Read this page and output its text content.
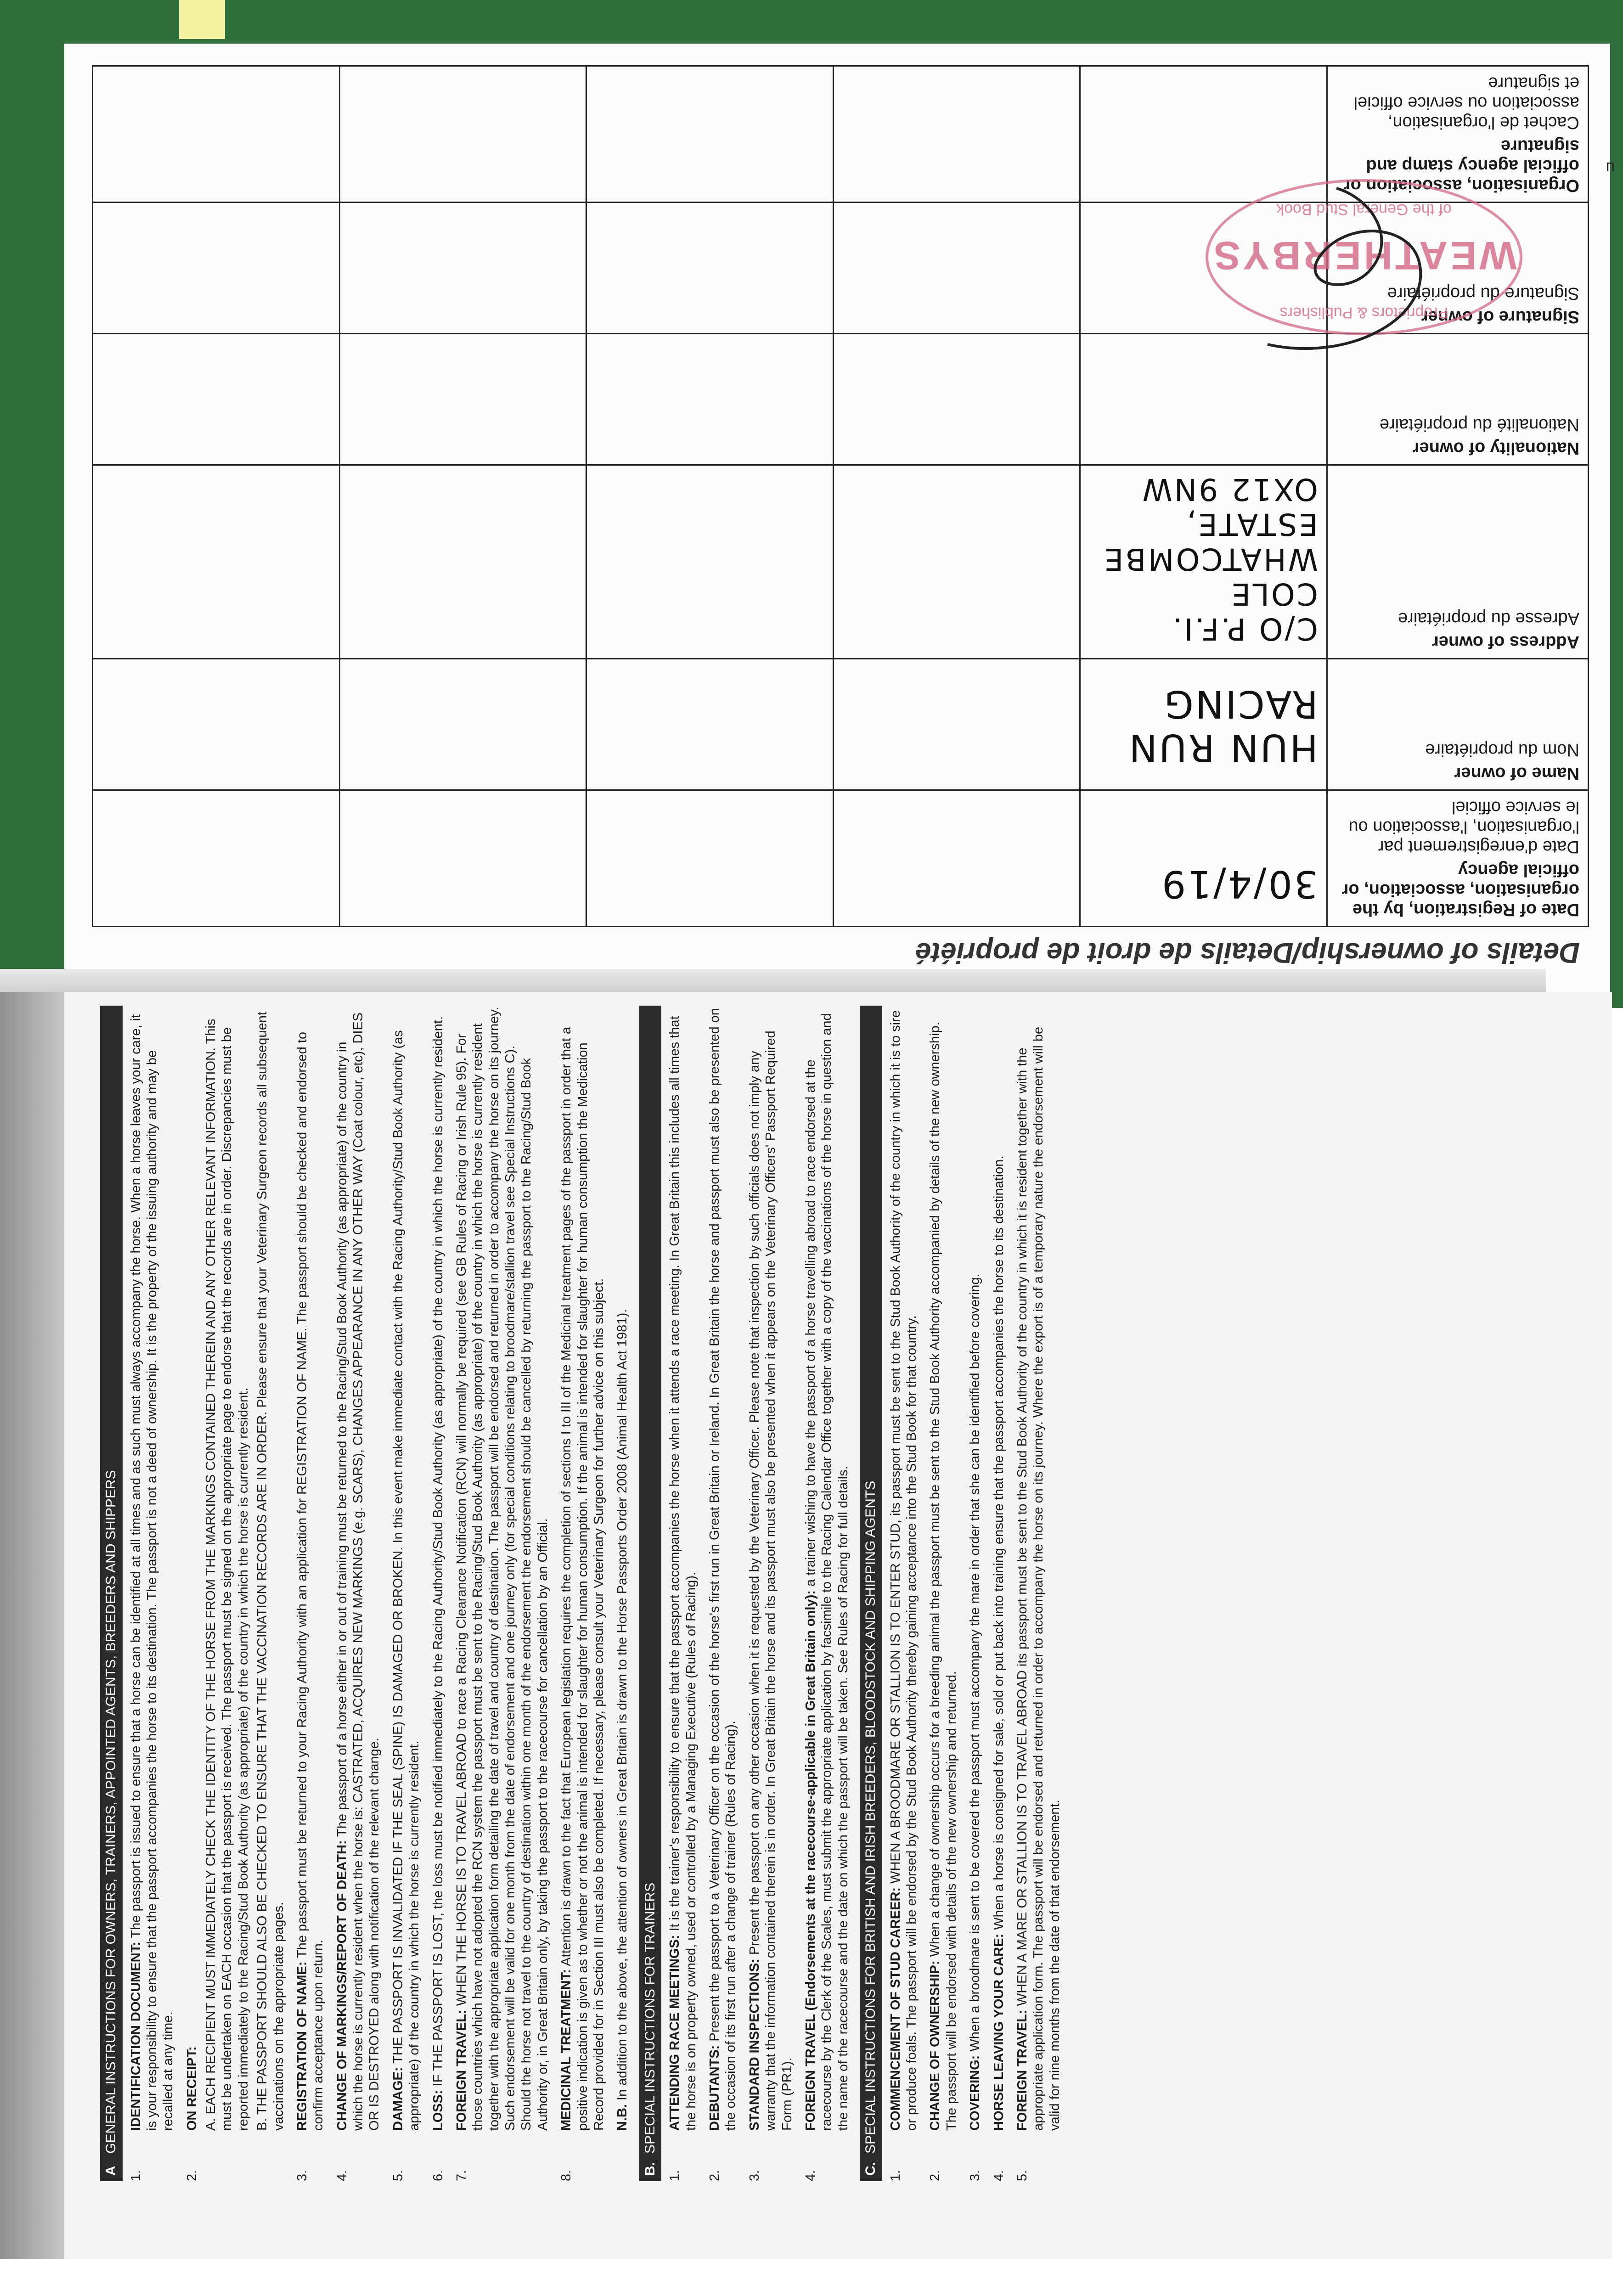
п
Details of ownership/Details de droit de propriété
Date of Registration, by the organisation, association, or official agency
Date d'enregistrement par l'organisation, l'association ou le service officiel	30/4/19				

Name of owner
Nom du propriétaire	HUN RUN RACING				

Address of owner
Adresse du propriétaire	C/O P.F.I. COLE WHATCOMBE ESTATE, OX12 9NW				

Nationality of owner
Nationalité du propriétaire					

Signature of owner
Signature du propriétaire					

Organisation, association or official agency stamp and signature
Cachet de l'organisation, association ou service officiel et signature					

Proprietors & Publishers
WEATHERBYS
of the General Stud Book
AGENERAL INSTRUCTIONS FOR OWNERS, TRAINERS, APPOINTED AGENTS, BREEDERS AND SHIPPERS
1.
IDENTIFICATION DOCUMENT: The passport is issued to ensure that a horse can be identified at all times and as such must always accompany the horse. When a horse leaves your care, it is your responsibility to ensure that the passport accompanies the horse to its destination. The passport is not a deed of ownership. It is the property of the issuing authority and may be recalled at any time.
2.
ON RECEIPT: A. EACH RECIPIENT MUST IMMEDIATELY CHECK THE IDENTITY OF THE HORSE FROM THE MARKINGS CONTAINED THEREIN AND ANY OTHER RELEVANT INFORMATION. This must be undertaken on EACH occasion that the passport is received. The passport must be signed on the appropriate page to endorse that the records are in order. Discrepancies must be reported immediately to the Racing/Stud Book Authority (as appropriate) of the country in which the horse is currently resident. B. THE PASSPORT SHOULD ALSO BE CHECKED TO ENSURE THAT THE VACCINATION RECORDS ARE IN ORDER. Please ensure that your Veterinary Surgeon records all subsequent vaccinations on the appropriate pages.
3.
REGISTRATION OF NAME: The passport must be returned to your Racing Authority with an application for REGISTRATION OF NAME. The passport should be checked and endorsed to confirm acceptance upon return.
4.
CHANGE OF MARKINGS/REPORT OF DEATH: The passport of a horse either in or out of training must be returned to the Racing/Stud Book Authority (as appropriate) of the country in which the horse is currently resident when the horse is: CASTRATED, ACQUIRES NEW MARKINGS (e.g. SCARS), CHANGES APPEARANCE IN ANY OTHER WAY (Coat colour, etc), DIES OR IS DESTROYED along with notification of the relevant change.
5.
DAMAGE: THE PASSPORT IS INVALIDATED IF THE SEAL (SPINE) IS DAMAGED OR BROKEN. In this event make immediate contact with the Racing Authority/Stud Book Authority (as appropriate) of the country in which the horse is currently resident.
6.
LOSS: IF THE PASSPORT IS LOST, the loss must be notified immediately to the Racing Authority/Stud Book Authority (as appropriate) of the country in which the horse is currently resident.
7.
FOREIGN TRAVEL: WHEN THE HORSE IS TO TRAVEL ABROAD to race a Racing Clearance Notification (RCN) will normally be required (see GB Rules of Racing or Irish Rule 95). For those countries which have not adopted the RCN system the passport must be sent to the Racing/Stud Book Authority (as appropriate) of the country in which the horse is currently resident together with the appropriate application form detailing the date of travel and country of destination. The passport will be endorsed and returned in order to accompany the horse on its journey. Such endorsement will be valid for one month from the date of endorsement and one journey only (for special conditions relating to broodmare/stallion travel see Special Instructions C). Should the horse not travel to the country of destination within one month of the endorsement the endorsement should be cancelled by returning the passport to the Racing/Stud Book Authority or, in Great Britain only, by taking the passport to the racecourse for cancellation by an Official.
8.
MEDICINAL TREATMENT: Attention is drawn to the fact that European legislation requires the completion of sections I to III of the Medicinal treatment pages of the passport in order that a positive indication is given as to whether or not the animal is intended for slaughter for human consumption. If the animal is intended for slaughter for human consumption the Medication Record provided for in Section III must also be completed. If necessary, please consult your Veterinary Surgeon for further advice on this subject. N.B. In addition to the above, the attention of owners in Great Britain is drawn to the Horse Passports Order 2008 (Animal Health Act 1981).
B.SPECIAL INSTRUCTIONS FOR TRAINERS
1.
ATTENDING RACE MEETINGS: It is the trainer's responsibility to ensure that the passport accompanies the horse when it attends a race meeting. In Great Britain this includes all times that the horse is on property owned, used or controlled by a Managing Executive (Rules of Racing).
2.
DEBUTANTS: Present the passport to a Veterinary Officer on the occasion of the horse's first run in Great Britain or Ireland. In Great Britain the horse and passport must also be presented on the occasion of its first run after a change of trainer (Rules of Racing).
3.
STANDARD INSPECTIONS: Present the passport on any other occasion when it is requested by the Veterinary Officer. Please note that inspection by such officials does not imply any warranty that the information contained therein is in order. In Great Britain the horse and its passport must also be presented when it appears on the Veterinary Officers' Passport Required Form (PR1).
4.
FOREIGN TRAVEL (Endorsements at the racecourse-applicable in Great Britain only): a trainer wishing to have the passport of a horse travelling abroad to race endorsed at the racecourse by the Clerk of the Scales, must submit the appropriate application by facsimile to the Racing Calendar Office together with a copy of the vaccinations of the horse in question and the name of the racecourse and the date on which the passport will be taken. See Rules of Racing for full details.
C.SPECIAL INSTRUCTIONS FOR BRITISH AND IRISH BREEDERS, BLOODSTOCK AND SHIPPING AGENTS
1.
COMMENCEMENT OF STUD CAREER: WHEN A BROODMARE OR STALLION IS TO ENTER STUD, its passport must be sent to the Stud Book Authority of the country in which it is to sire or produce foals. The passport will be endorsed by the Stud Book Authority thereby gaining acceptance into the Stud Book for that country.
2.
CHANGE OF OWNERSHIP: When a change of ownership occurs for a breeding animal the passport must be sent to the Stud Book Authority accompanied by details of the new ownership. The passport will be endorsed with details of the new ownership and returned.
3.
COVERING: When a broodmare is sent to be covered the passport must accompany the mare in order that she can be identified before covering.
4.
HORSE LEAVING YOUR CARE: When a horse is consigned for sale, sold or put back into training ensure that the passport accompanies the horse to its destination.
5.
FOREIGN TRAVEL: WHEN A MARE OR STALLION IS TO TRAVEL ABROAD its passport must be sent to the Stud Book Authority of the country in which it is resident together with the appropriate application form. The passport will be endorsed and returned in order to accompany the horse on its journey. Where the export is of a temporary nature the endorsement will be valid for nine months from the date of that endorsement.
